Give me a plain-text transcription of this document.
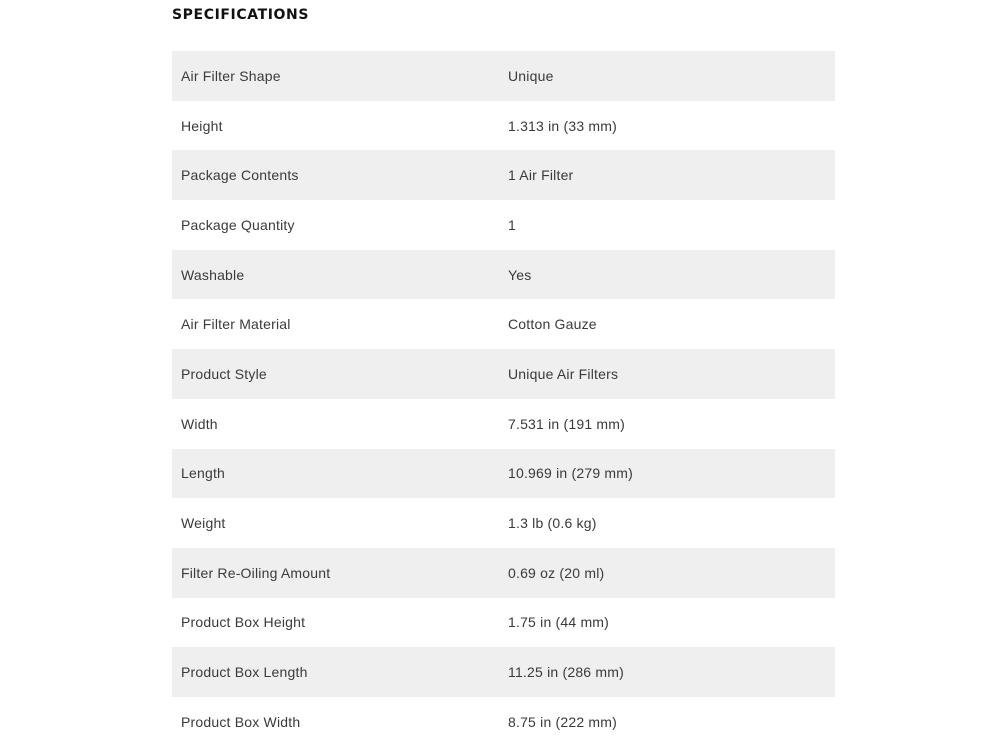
SPECIFICATIONS
Air Filter Shape	Unique
Height	1.313 in (33 mm)
Package Contents	1 Air Filter
Package Quantity	1
Washable	Yes
Air Filter Material	Cotton Gauze
Product Style	Unique Air Filters
Width	7.531 in (191 mm)
Length	10.969 in (279 mm)
Weight	1.3 lb (0.6 kg)
Filter Re-Oiling Amount	0.69 oz (20 ml)
Product Box Height	1.75 in (44 mm)
Product Box Length	11.25 in (286 mm)
Product Box Width	8.75 in (222 mm)
